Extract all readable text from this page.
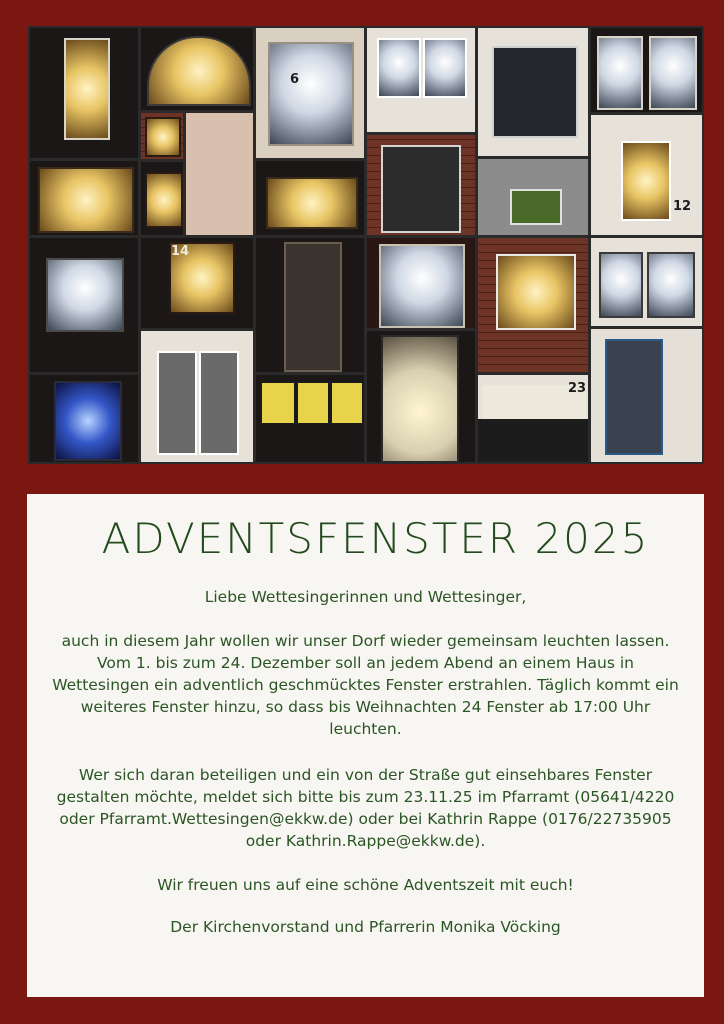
6
12
14
23
ADVENTSFENSTER 2025

Liebe Wettesingerinnen und Wettesinger,

auch in diesem Jahr wollen wir unser Dorf wieder gemeinsam leuchten lassen. Vom 1. bis zum 24. Dezember soll an jedem Abend an einem Haus in Wettesingen ein adventlich geschmücktes Fenster erstrahlen. Täglich kommt ein weiteres Fenster hinzu, so dass bis Weihnachten 24 Fenster ab 17:00 Uhr leuchten.

Wer sich daran beteiligen und ein von der Straße gut einsehbares Fenster gestalten möchte, meldet sich bitte bis zum 23.11.25 im Pfarramt (05641/4220 oder Pfarramt.Wettesingen@ekkw.de) oder bei Kathrin Rappe (0176/22735905 oder Kathrin.Rappe@ekkw.de).

Wir freuen uns auf eine schöne Adventszeit mit euch!

Der Kirchenvorstand und Pfarrerin Monika Vöcking
